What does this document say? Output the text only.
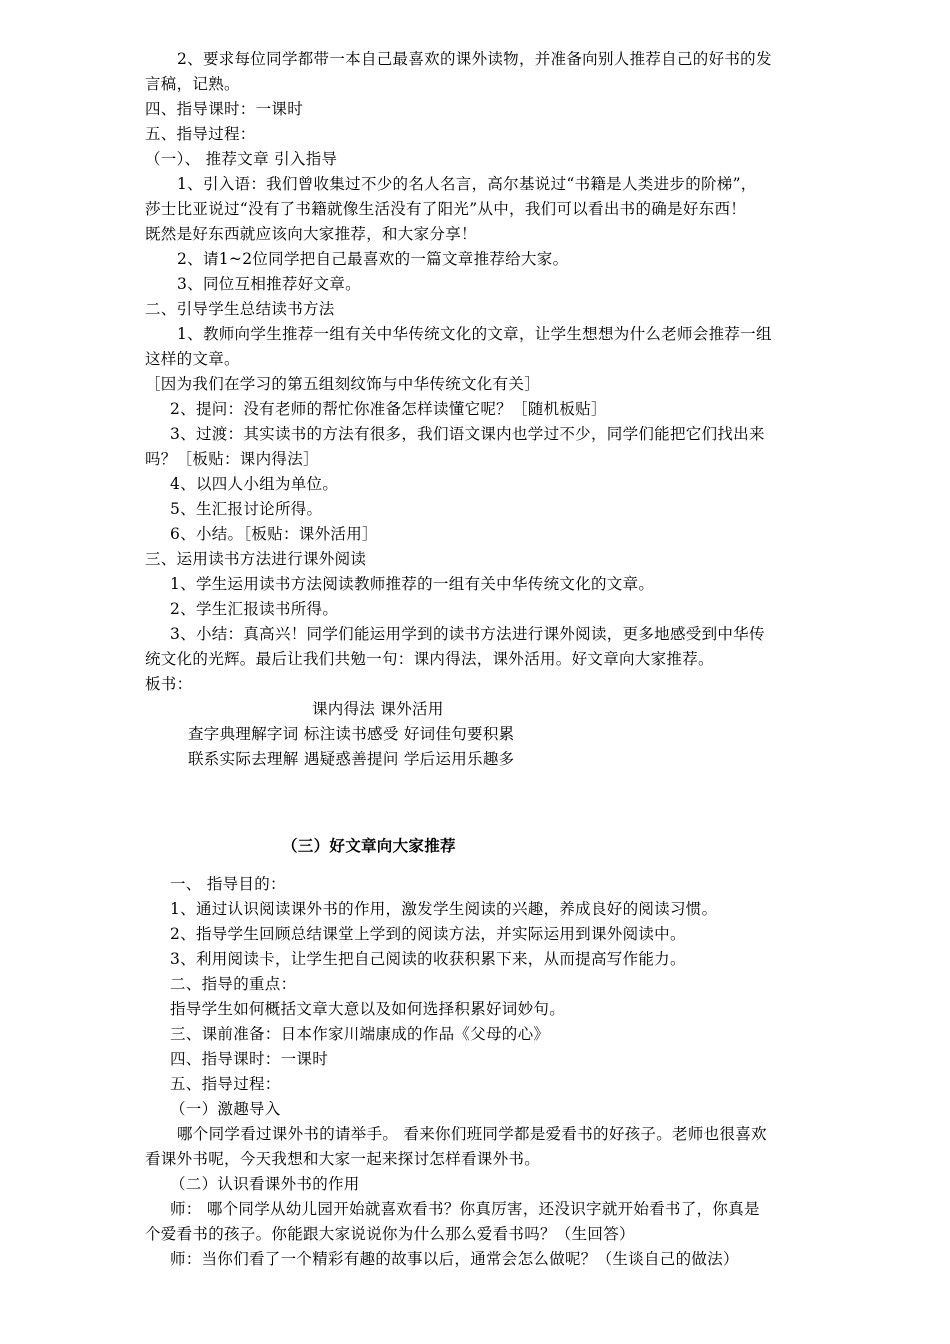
2、要求每位同学都带一本自己最喜欢的课外读物，并准备向别人推荐自己的好书的发
言稿，记熟。
四、指导课时：一课时
五、指导过程：
（一）、 推荐文章 引入指导
1、引入语：我们曾收集过不少的名人名言，高尔基说过“书籍是人类进步的阶梯”，
莎士比亚说过“没有了书籍就像生活没有了阳光”从中，我们可以看出书的确是好东西！
既然是好东西就应该向大家推荐，和大家分享！
2、请1~2位同学把自己最喜欢的一篇文章推荐给大家。
3、同位互相推荐好文章。
二、引导学生总结读书方法
1、教师向学生推荐一组有关中华传统文化的文章，让学生想想为什么老师会推荐一组
这样的文章。
［因为我们在学习的第五组刻纹饰与中华传统文化有关］
2、提问：没有老师的帮忙你准备怎样读懂它呢？［随机板贴］
3、过渡：其实读书的方法有很多，我们语文课内也学过不少，同学们能把它们找出来
吗？［板贴：课内得法］
4、以四人小组为单位。
5、生汇报讨论所得。
6、小结。［板贴：课外活用］
三、运用读书方法进行课外阅读
1、学生运用读书方法阅读教师推荐的一组有关中华传统文化的文章。
2、学生汇报读书所得。
3、小结：真高兴！同学们能运用学到的读书方法进行课外阅读，更多地感受到中华传
统文化的光辉。最后让我们共勉一句：课内得法，课外活用。好文章向大家推荐。
板书：
课内得法 课外活用
查字典理解字词 标注读书感受 好词佳句要积累
联系实际去理解 遇疑惑善提问 学后运用乐趣多
（三）好文章向大家推荐
一、 指导目的：
1、通过认识阅读课外书的作用，激发学生阅读的兴趣，养成良好的阅读习惯。
2、指导学生回顾总结课堂上学到的阅读方法，并实际运用到课外阅读中。
3、利用阅读卡，让学生把自己阅读的收获积累下来，从而提高写作能力。
二、指导的重点：
指导学生如何概括文章大意以及如何选择积累好词妙句。
三、课前准备：日本作家川端康成的作品《父母的心》
四、指导课时：一课时
五、指导过程：
（一）激趣导入
哪个同学看过课外书的请举手。 看来你们班同学都是爱看书的好孩子。老师也很喜欢
看课外书呢，今天我想和大家一起来探讨怎样看课外书。
（二）认识看课外书的作用
师： 哪个同学从幼儿园开始就喜欢看书？你真厉害，还没识字就开始看书了，你真是
个爱看书的孩子。你能跟大家说说你为什么那么爱看书吗？（生回答）
师：当你们看了一个精彩有趣的故事以后，通常会怎么做呢？（生谈自己的做法）
